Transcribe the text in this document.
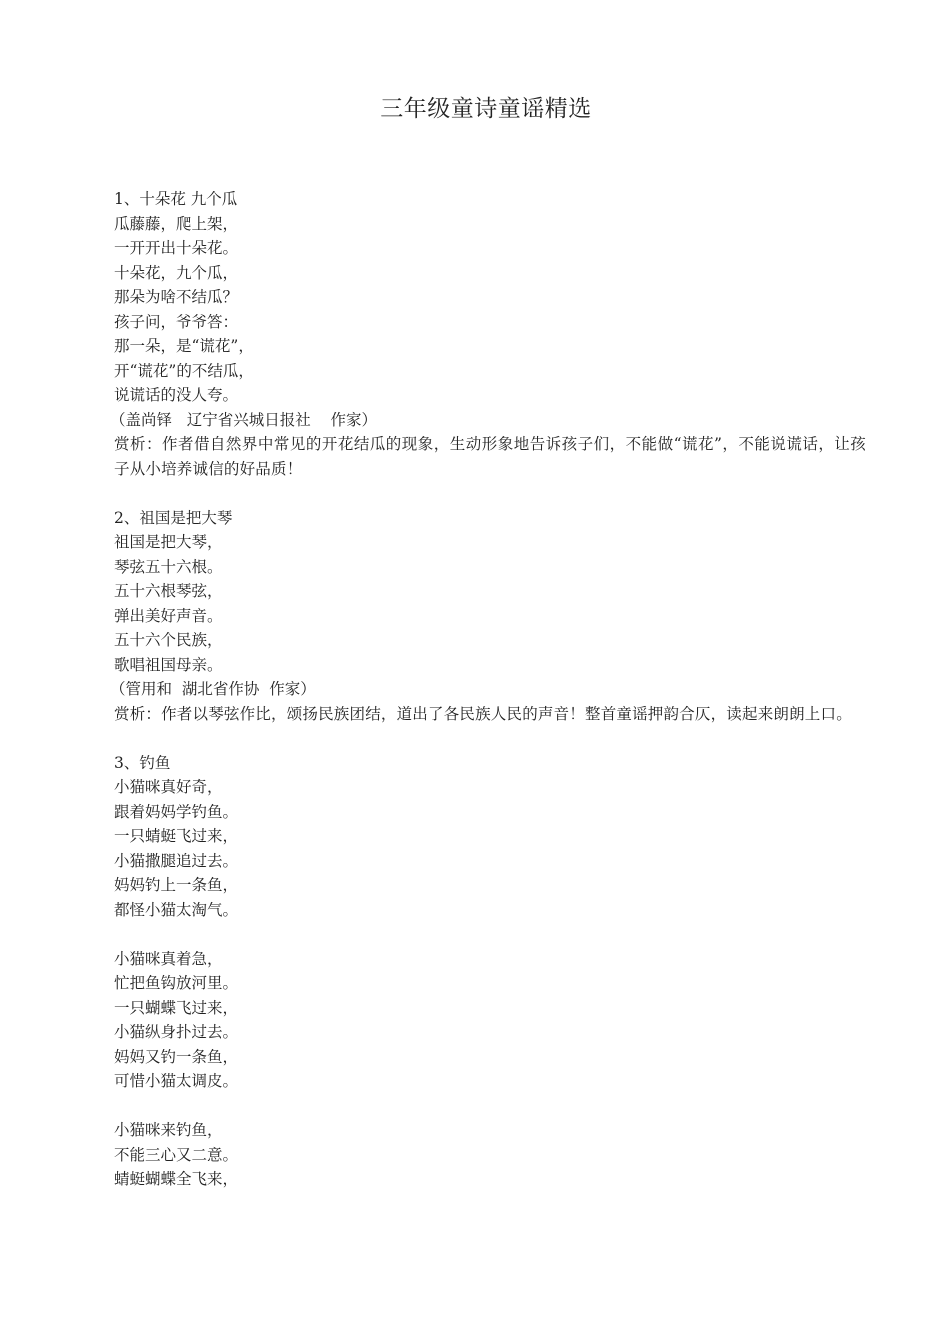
三年级童诗童谣精选
1、十朵花 九个瓜
瓜藤藤，爬上架，
一开开出十朵花。
十朵花，九个瓜，
那朵为啥不结瓜？
孩子问，爷爷答：
那一朵，是“谎花”，
开“谎花”的不结瓜，
说谎话的没人夸。
（盖尚铎   辽宁省兴城日报社    作家）
赏析：作者借自然界中常见的开花结瓜的现象，生动形象地告诉孩子们，不能做“谎花”，不能说谎话，让孩子从小培养诚信的好品质！
2、祖国是把大琴
祖国是把大琴，
琴弦五十六根。
五十六根琴弦，
弹出美好声音。
五十六个民族，
歌唱祖国母亲。
（管用和  湖北省作协  作家）
赏析：作者以琴弦作比，颂扬民族团结，道出了各民族人民的声音！整首童谣押韵合仄，读起来朗朗上口。
3、钓鱼
小猫咪真好奇，
跟着妈妈学钓鱼。
一只蜻蜓飞过来，
小猫撒腿追过去。
妈妈钓上一条鱼，
都怪小猫太淘气。
小猫咪真着急，
忙把鱼钩放河里。
一只蝴蝶飞过来，
小猫纵身扑过去。
妈妈又钓一条鱼，
可惜小猫太调皮。
小猫咪来钓鱼，
不能三心又二意。
蜻蜓蝴蝶全飞来，
